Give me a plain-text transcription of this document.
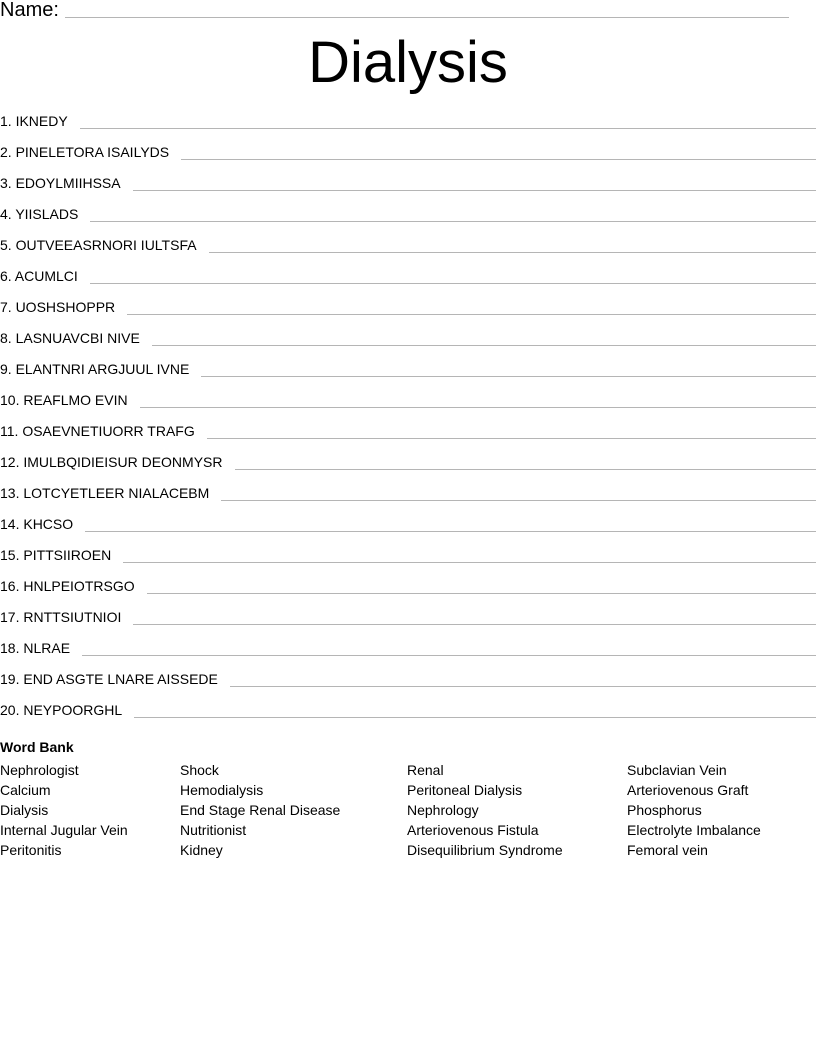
Name:
Dialysis
1. IKNEDY
2. PINELETORA ISAILYDS
3. EDOYLMIIHSSA
4. YIISLADS
5. OUTVEEASRNORI IULTSFA
6. ACUMLCI
7. UOSHSHOPPR
8. LASNUAVCBI NIVE
9. ELANTNRI ARGJUUL IVNE
10. REAFLMO EVIN
11. OSAEVNETIUORR TRAFG
12. IMULBQIDIEISUR DEONMYSR
13. LOTCYETLEER NIALACEBM
14. KHCSO
15. PITTSIIROEN
16. HNLPEIOTRSGO
17. RNTTSIUTNIOI
18. NLRAE
19. END ASGTE LNARE AISSEDE
20. NEYPOORGHL
Word Bank
Nephrologist
Calcium
Dialysis
Internal Jugular Vein
Peritonitis
Shock
Hemodialysis
End Stage Renal Disease
Nutritionist
Kidney
Renal
Peritoneal Dialysis
Nephrology
Arteriovenous Fistula
Disequilibrium Syndrome
Subclavian Vein
Arteriovenous Graft
Phosphorus
Electrolyte Imbalance
Femoral vein
